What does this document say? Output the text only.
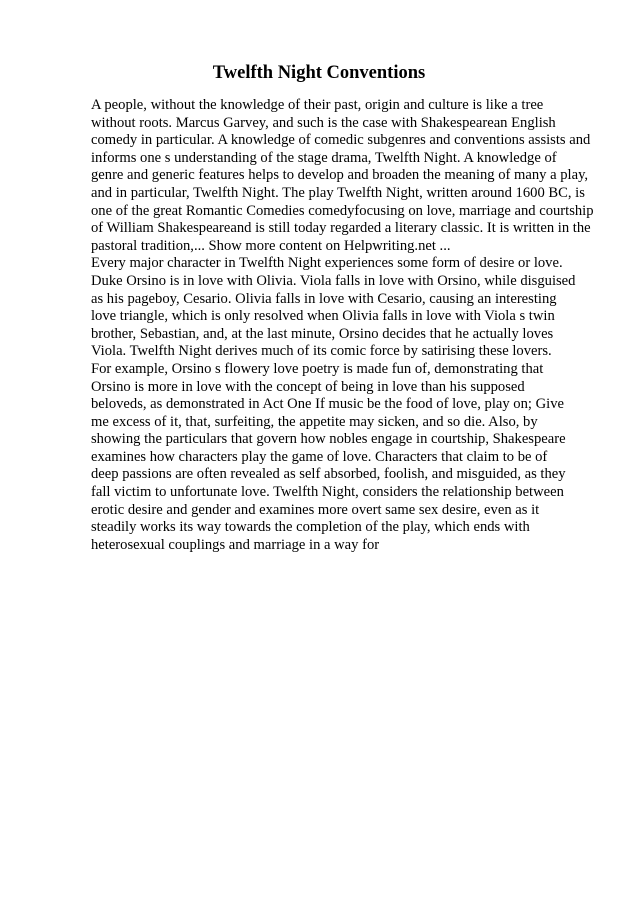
Twelfth Night Conventions
A people, without the knowledge of their past, origin and culture is like a tree
without roots. Marcus Garvey, and such is the case with Shakespearean English
comedy in particular. A knowledge of comedic subgenres and conventions assists and
informs one s understanding of the stage drama, Twelfth Night. A knowledge of
genre and generic features helps to develop and broaden the meaning of many a play,
and in particular, Twelfth Night. The play Twelfth Night, written around 1600 BC, is
one of the great Romantic Comedies comedyfocusing on love, marriage and courtship
of William Shakespeareand is still today regarded a literary classic. It is written in the
pastoral tradition,... Show more content on Helpwriting.net ...
Every major character in Twelfth Night experiences some form of desire or love.
Duke Orsino is in love with Olivia. Viola falls in love with Orsino, while disguised
as his pageboy, Cesario. Olivia falls in love with Cesario, causing an interesting
love triangle, which is only resolved when Olivia falls in love with Viola s twin
brother, Sebastian, and, at the last minute, Orsino decides that he actually loves
Viola. Twelfth Night derives much of its comic force by satirising these lovers.
For example, Orsino s flowery love poetry is made fun of, demonstrating that
Orsino is more in love with the concept of being in love than his supposed
beloveds, as demonstrated in Act One If music be the food of love, play on; Give
me excess of it, that, surfeiting, the appetite may sicken, and so die. Also, by
showing the particulars that govern how nobles engage in courtship, Shakespeare
examines how characters play the game of love. Characters that claim to be of
deep passions are often revealed as self absorbed, foolish, and misguided, as they
fall victim to unfortunate love. Twelfth Night, considers the relationship between
erotic desire and gender and examines more overt same sex desire, even as it
steadily works its way towards the completion of the play, which ends with
heterosexual couplings and marriage in a way for
